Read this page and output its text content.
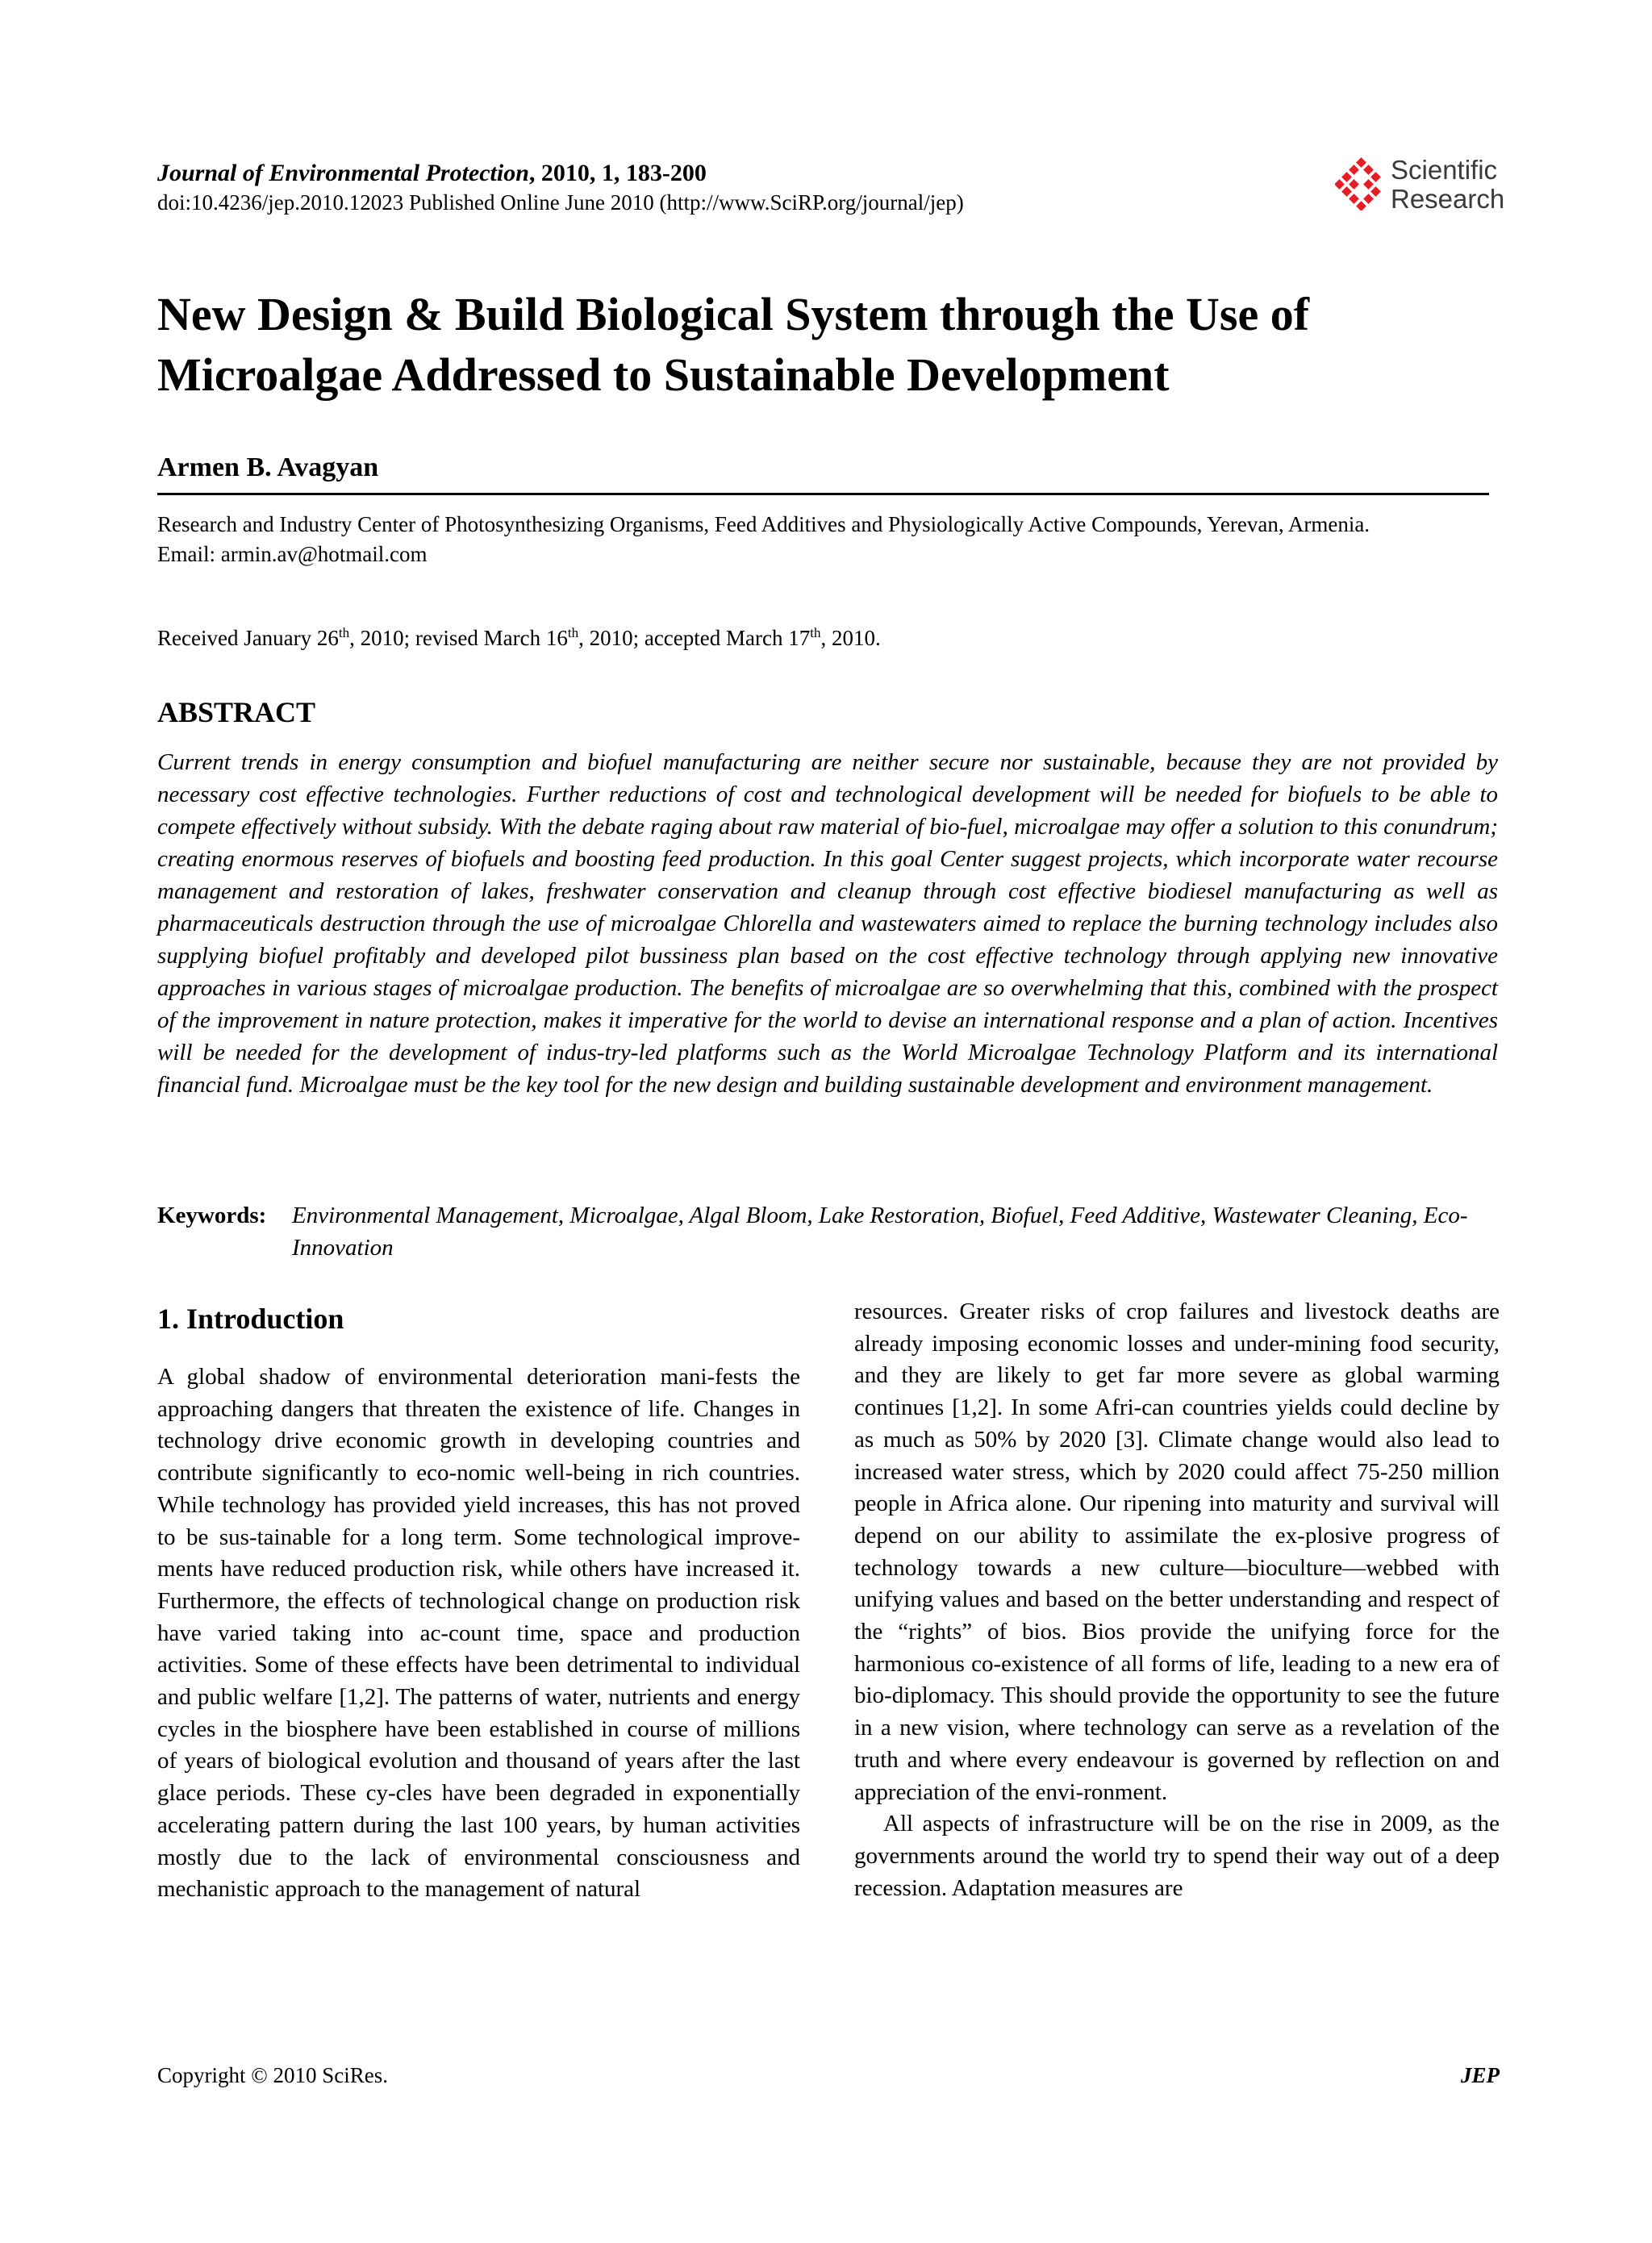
Journal of Environmental Protection, 2010, 1, 183-200
doi:10.4236/jep.2010.12023 Published Online June 2010 (http://www.SciRP.org/journal/jep)
Scientific
Research
New Design & Build Biological System through the Use of Microalgae Addressed to Sustainable Development
Armen B. Avagyan

Research and Industry Center of Photosynthesizing Organisms, Feed Additives and Physiologically Active Compounds, Yerevan, Armenia.

Email: armin.av@hotmail.com

Received January 26th, 2010; revised March 16th, 2010; accepted March 17th, 2010.
ABSTRACT

Current trends in energy consumption and biofuel manufacturing are neither secure nor sustainable, because they are not provided by necessary cost effective technologies. Further reductions of cost and technological development will be needed for biofuels to be able to compete effectively without subsidy. With the debate raging about raw material of bio-fuel, microalgae may offer a solution to this conundrum; creating enormous reserves of biofuels and boosting feed production. In this goal Center suggest projects, which incorporate water recourse management and restoration of lakes, freshwater conservation and cleanup through cost effective biodiesel manufacturing as well as pharmaceuticals destruction through the use of microalgae Chlorella and wastewaters aimed to replace the burning technology includes also supplying biofuel profitably and developed pilot bussiness plan based on the cost effective technology through applying new innovative approaches in various stages of microalgae production. The benefits of microalgae are so overwhelming that this, combined with the prospect of the improvement in nature protection, makes it imperative for the world to devise an international response and a plan of action. Incentives will be needed for the development of indus-try-led platforms such as the World Microalgae Technology Platform and its international financial fund. Microalgae must be the key tool for the new design and building sustainable development and environment management.

Keywords: Environmental Management, Microalgae, Algal Bloom, Lake Restoration, Biofuel, Feed Additive, Wastewater Cleaning, Eco-Innovation
1. Introduction

A global shadow of environmental deterioration mani-fests the approaching dangers that threaten the existence of life. Changes in technology drive economic growth in developing countries and contribute significantly to eco-nomic well-being in rich countries. While technology has provided yield increases, this has not proved to be sus-tainable for a long term. Some technological improve-ments have reduced production risk, while others have increased it. Furthermore, the effects of technological change on production risk have varied taking into ac-count time, space and production activities. Some of these effects have been detrimental to individual and public welfare [1,2]. The patterns of water, nutrients and energy cycles in the biosphere have been established in course of millions of years of biological evolution and thousand of years after the last glace periods. These cy-cles have been degraded in exponentially accelerating pattern during the last 100 years, by human activities mostly due to the lack of environmental consciousness and mechanistic approach to the management of natural

resources. Greater risks of crop failures and livestock deaths are already imposing economic losses and under-mining food security, and they are likely to get far more severe as global warming continues [1,2]. In some Afri-can countries yields could decline by as much as 50% by 2020 [3]. Climate change would also lead to increased water stress, which by 2020 could affect 75-250 million people in Africa alone. Our ripening into maturity and survival will depend on our ability to assimilate the ex-plosive progress of technology towards a new culture—bioculture—webbed with unifying values and based on the better understanding and respect of the “rights” of bios. Bios provide the unifying force for the harmonious co-existence of all forms of life, leading to a new era of bio-diplomacy. This should provide the opportunity to see the future in a new vision, where technology can serve as a revelation of the truth and where every endeavour is governed by reflection on and appreciation of the envi-ronment.

All aspects of infrastructure will be on the rise in 2009, as the governments around the world try to spend their way out of a deep recession. Adaptation measures are

Copyright © 2010 SciRes.	JEP
